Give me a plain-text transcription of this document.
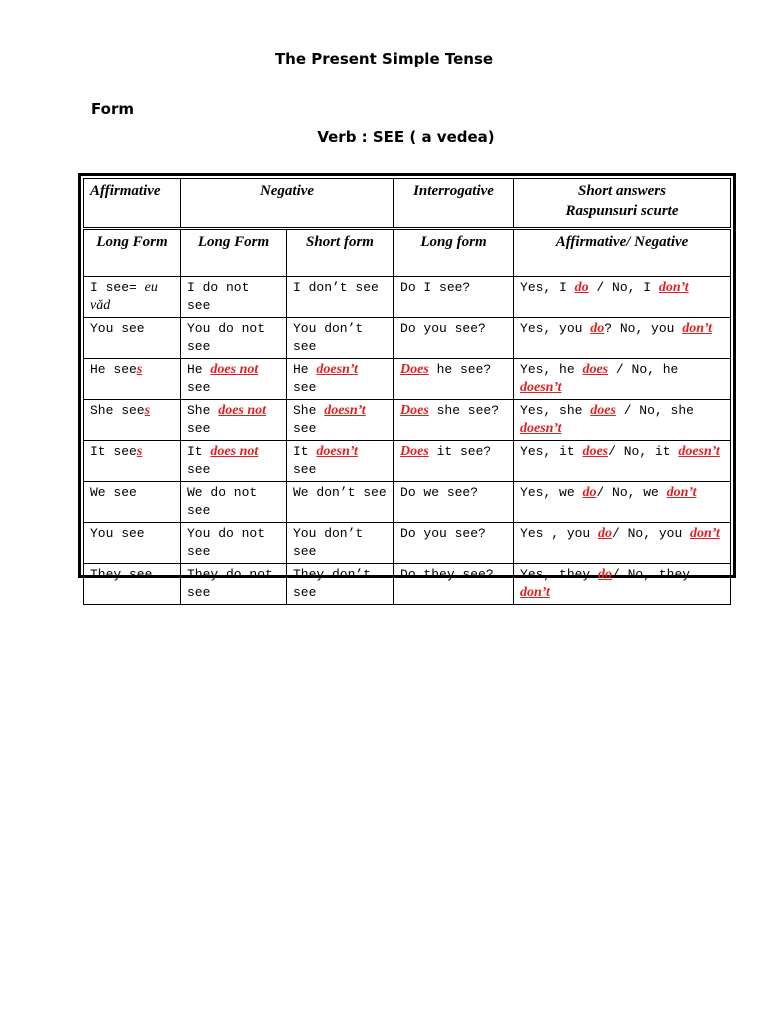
The Present Simple Tense
Form
Verb : SEE ( a vedea)
Affirmative	Negative		Interrogative	Short answers
Raspunsuri scurte

Long Form	Long Form	Short form	Long form	Affirmative/ Negative
I see= eu văd	I do not see	I don’t see	Do I see?	Yes, I do / No, I don’t
You see	You do not see	You don’t see	Do you see?	Yes, you do? No, you don’t
He sees	He does not see	He doesn’t see	Does he see?	Yes, he does / No, he doesn’t
She sees	She does not see	She doesn’t see	Does she see?	Yes, she does / No, she doesn’t
It sees	It does not see	It doesn’t see	Does it see?	Yes, it does/ No, it doesn’t
We see	We do not see	We don’t see	Do we see?	Yes, we do/ No, we don’t
You see	You do not see	You don’t see	Do you see?	Yes , you do/ No, you don’t
They see	They do not see	They don’t see	Do they see?	Yes, they do/ No, they don’t
